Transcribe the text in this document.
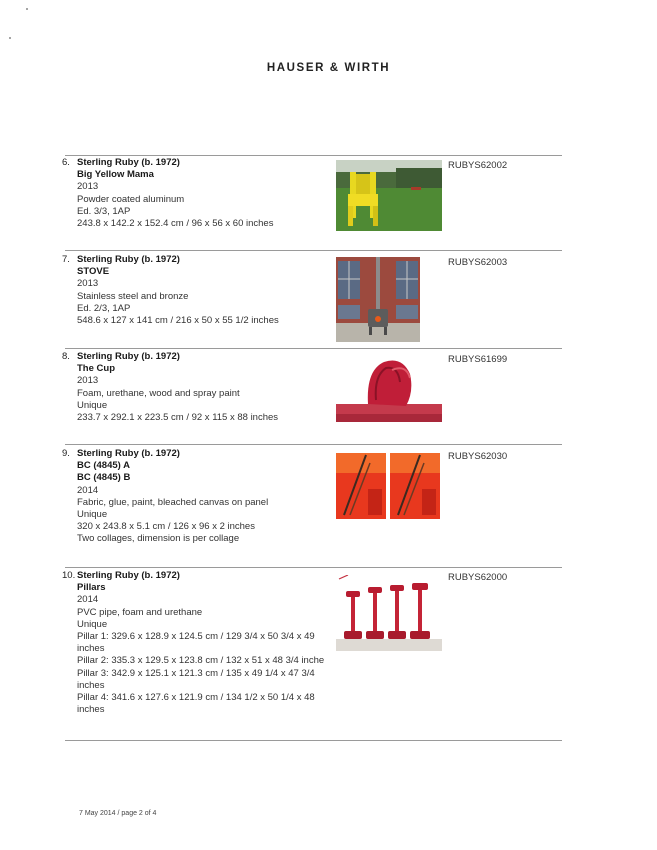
HAUSER & WIRTH
6. Sterling Ruby (b. 1972)
Big Yellow Mama
2013
Powder coated aluminum
Ed. 3/3, 1AP
243.8 x 142.2 x 152.4 cm / 96 x 56 x 60 inches
RUBYS62002
7. Sterling Ruby (b. 1972)
STOVE
2013
Stainless steel and bronze
Ed. 2/3, 1AP
548.6 x 127 x 141 cm / 216 x 50 x 55 1/2 inches
RUBYS62003
8. Sterling Ruby (b. 1972)
The Cup
2013
Foam, urethane, wood and spray paint
Unique
233.7 x 292.1 x 223.5 cm / 92 x 115 x 88 inches
RUBYS61699
9. Sterling Ruby (b. 1972)
BC (4845) A
BC (4845) B
2014
Fabric, glue, paint, bleached canvas on panel
Unique
320 x 243.8 x 5.1 cm / 126 x 96 x 2 inches
Two collages, dimension is per collage
RUBYS62030
10. Sterling Ruby (b. 1972)
Pillars
2014
PVC pipe, foam and urethane
Unique
Pillar 1: 329.6 x 128.9 x 124.5 cm / 129 3/4 x 50 3/4 x 49 inches
Pillar 2: 335.3 x 129.5 x 123.8 cm / 132 x 51 x 48 3/4 inche
Pillar 3: 342.9 x 125.1 x 121.3 cm / 135 x 49 1/4 x 47 3/4 inches
Pillar 4: 341.6 x 127.6 x 121.9 cm / 134 1/2 x 50 1/4 x 48 inches
RUBYS62000
7 May 2014 / page 2 of 4
